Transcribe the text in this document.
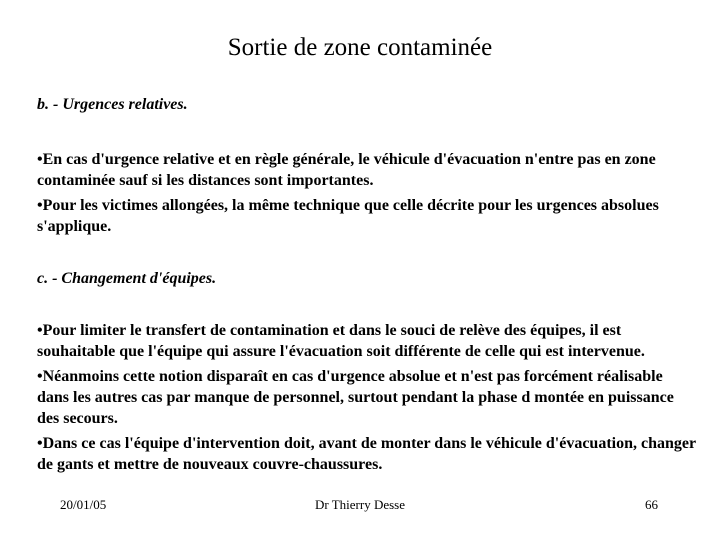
Sortie de zone contaminée
b. - Urgences relatives.

•En cas d'urgence relative et en règle générale, le véhicule d'évacuation n'entre pas en zone contaminée sauf si les distances sont importantes.

•Pour les victimes allongées, la même technique que celle décrite pour les urgences absolues s'applique.

c. - Changement d'équipes.

•Pour limiter le transfert de contamination et dans le souci de relève des équipes, il est souhaitable que l'équipe qui assure l'évacuation soit différente de celle qui est intervenue.

•Néanmoins cette notion disparaît en cas d'urgence absolue et n'est pas forcément réalisable dans les autres cas par manque de personnel, surtout pendant la phase d montée en puissance des secours.

•Dans ce cas l'équipe d'intervention doit, avant de monter dans le véhicule d'évacuation, changer de gants et mettre de nouveaux couvre-chaussures.

20/01/05	Dr Thierry Desse	66
